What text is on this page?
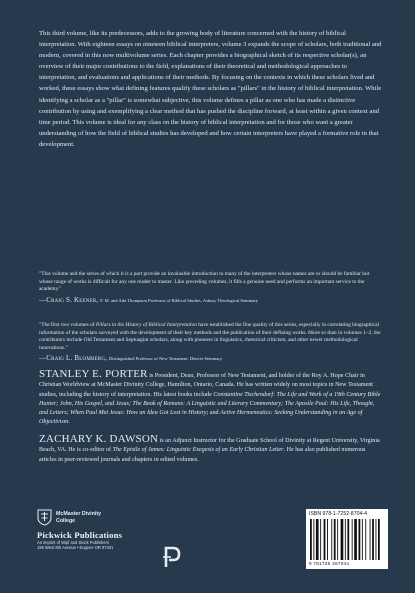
This third volume, like its predecessors, adds to the growing body of literature concerned with the history of biblical interpretation. With eighteen essays on nineteen biblical interpreters, volume 3 expands the scope of scholars, both traditional and modern, covered in this now multivolume series. Each chapter provides a biographical sketch of its respective scholar(s), an overview of their major contributions to the field, explanations of their theoretical and methodological approaches to interpretation, and evaluations and applications of their methods. By focusing on the contexts in which these scholars lived and worked, these essays show what defining features qualify these scholars as "pillars" in the history of biblical interpretation. While identifying a scholar as a "pillar" is somewhat subjective, this volume defines a pillar as one who has made a distinctive contribution by using and exemplifying a clear method that has pushed the discipline forward, at least within a given context and time period. This volume is ideal for any class on the history of biblical interpretation and for those who want a greater understanding of how the field of biblical studies has developed and how certain interpreters have played a formative role in that development.

"This volume and the series of which it is a part provide an invaluable introduction to many of the interpreters whose names are or should be familiar but whose range of works is difficult for any one reader to master. Like preceding volumes, it fills a genuine need and performs an important service to the academy."

—Craig S. Keener, F. M. and Ada Thompson Professor of Biblical Studies, Asbury Theological Seminary

"The first two volumes of Pillars in the History of Biblical Interpretation have established the fine quality of this series, especially in correlating biographical information of the scholars surveyed with the development of their key methods and the publication of their defining works. More so than in volumes 1–2, the contributors include Old Testament and Septuagint scholars, along with pioneers in linguistics, rhetorical criticism, and other newer methodological innovations."

—Craig L. Blomberg, Distinguished Professor of New Testament, Denver Seminary

STANLEY E. PORTER is President, Dean, Professor of New Testament, and holder of the Roy A. Hope Chair in Christian Worldview at McMaster Divinity College, Hamilton, Ontario, Canada. He has written widely on most topics in New Testament studies, including the history of interpretation. His latest books include Constantine Tischendorf: The Life and Work of a 19th Century Bible Hunter; John, His Gospel, and Jesus; The Book of Romans: A Linguistic and Literary Commentary; The Apostle Paul: His Life, Thought, and Letters; When Paul Met Jesus: How an Idea Got Lost in History; and Active Hermeneutics: Seeking Understanding in an Age of Objectivism.

ZACHARY K. DAWSON is an Adjunct Instructor for the Graduate School of Divinity at Regent University, Virginia Beach, VA. He is co-editor of The Epistle of James: Linguistic Exegesis of an Early Christian Letter. He has also published numerous articles in peer-reviewed journals and chapters in edited volumes.

McMaster Divinity
College
Pickwick Publications
An imprint of Wipf and Stock Publishers
199 West 8th Avenue • Eugene OR 97401
ISBN 978-1-7252-8704-4
9 781725 287044
